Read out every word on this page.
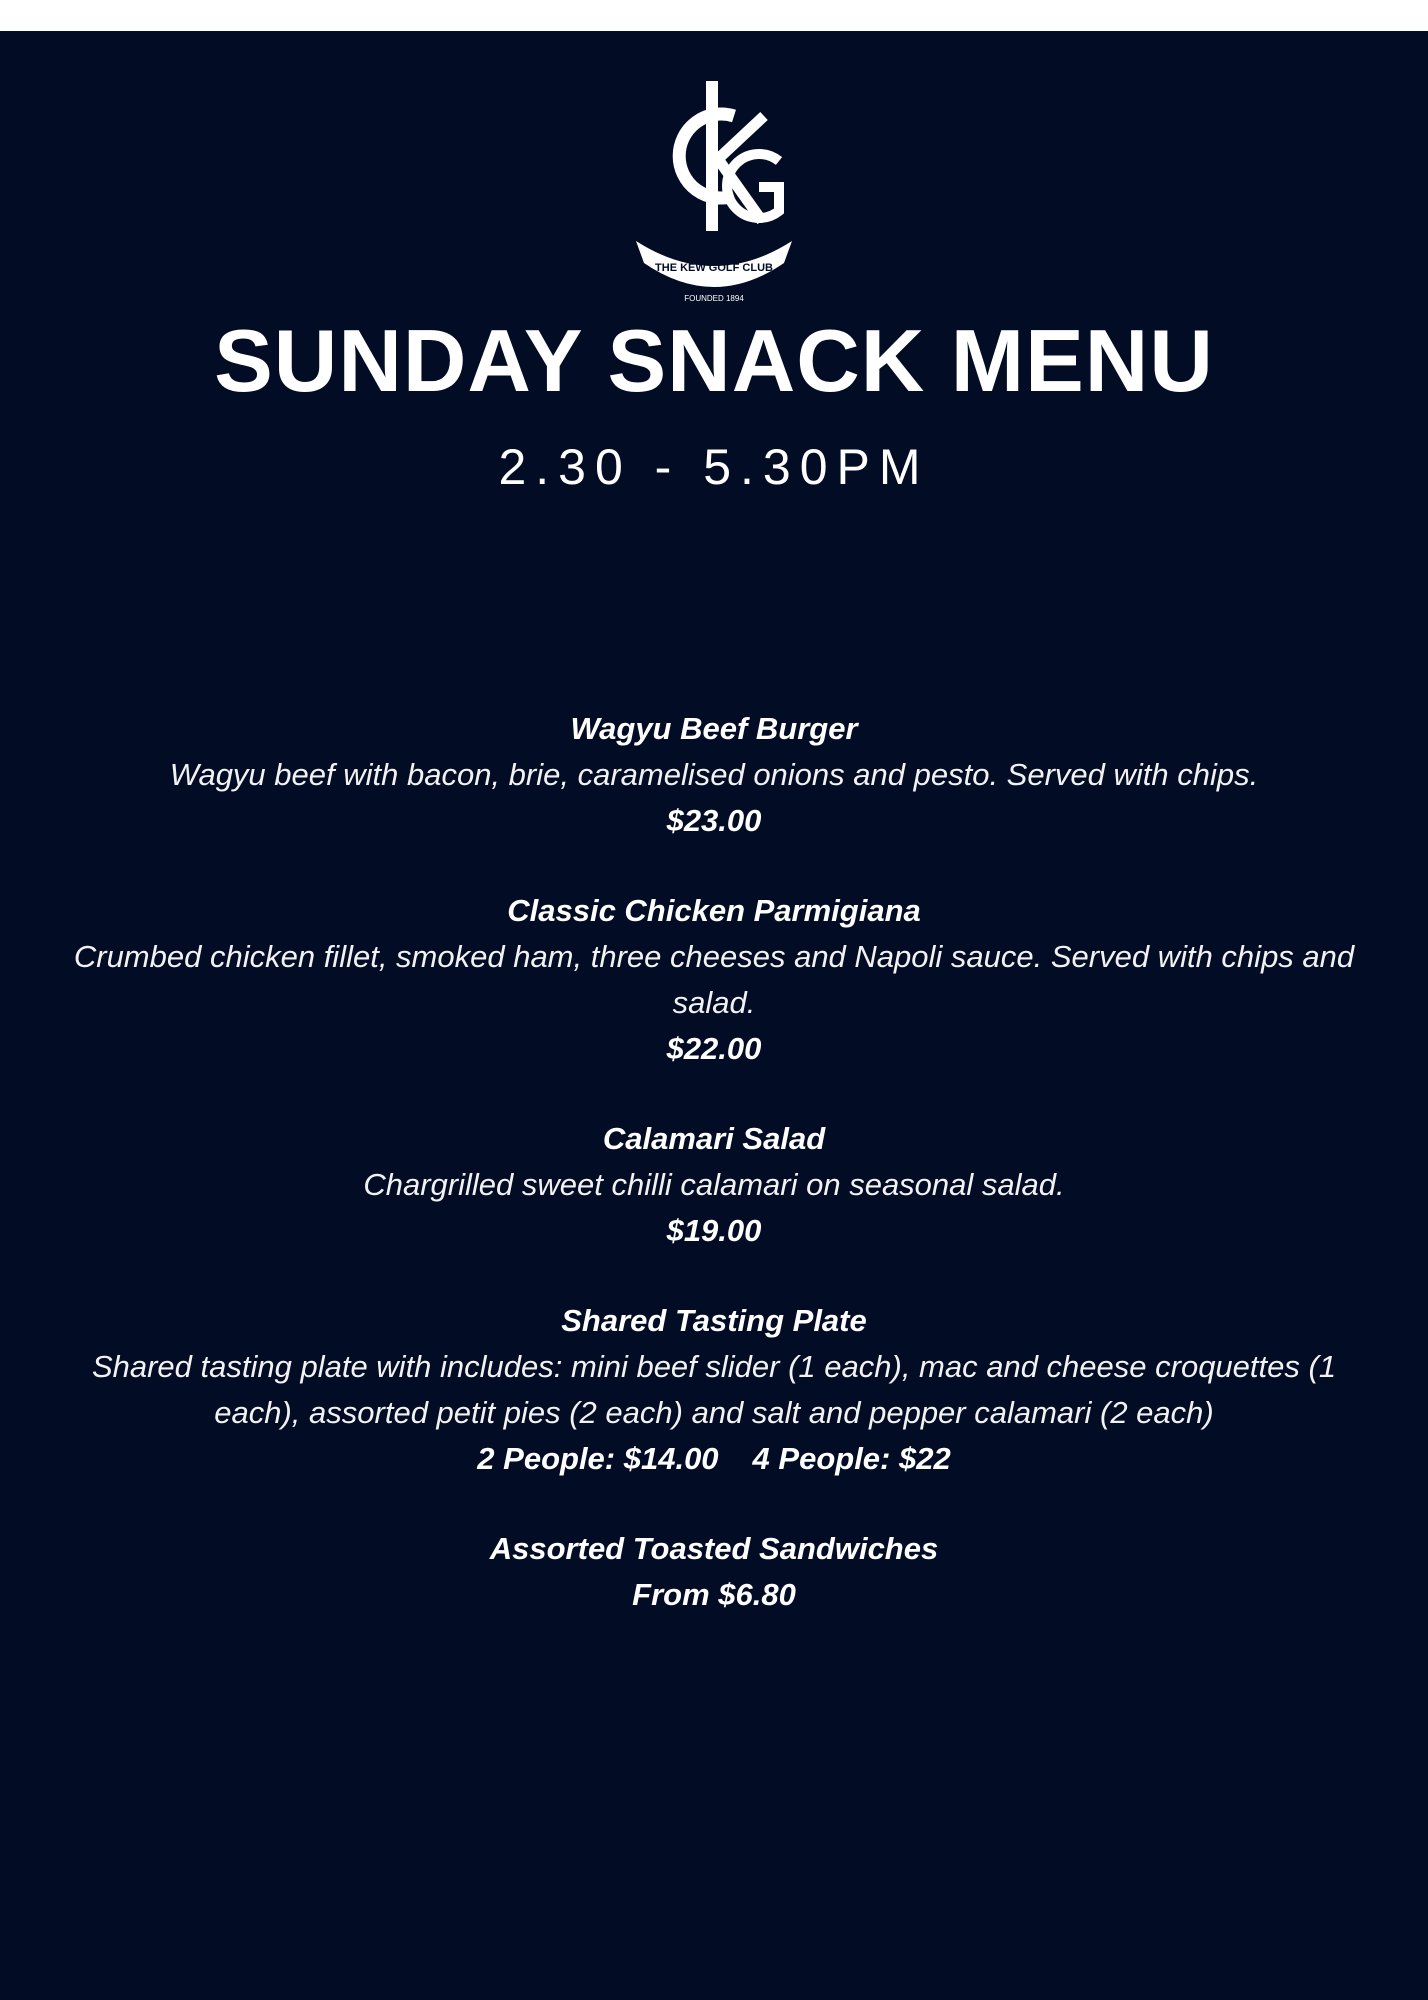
THE KEW GOLF CLUB
FOUNDED 1894
SUNDAY SNACK MENU
2.30 - 5.30PM
Wagyu Beef Burger
Wagyu beef with bacon, brie, caramelised onions and pesto. Served with chips.
$23.00
Classic Chicken Parmigiana
Crumbed chicken fillet, smoked ham, three cheeses and Napoli sauce. Served with chips and salad.
$22.00
Calamari Salad
Chargrilled sweet chilli calamari on seasonal salad.
$19.00
Shared Tasting Plate
Shared tasting plate with includes: mini beef slider (1 each), mac and cheese croquettes (1 each), assorted petit pies (2 each) and salt and pepper calamari (2 each)
2 People: $14.00 4 People: $22
Assorted Toasted Sandwiches
From $6.80
